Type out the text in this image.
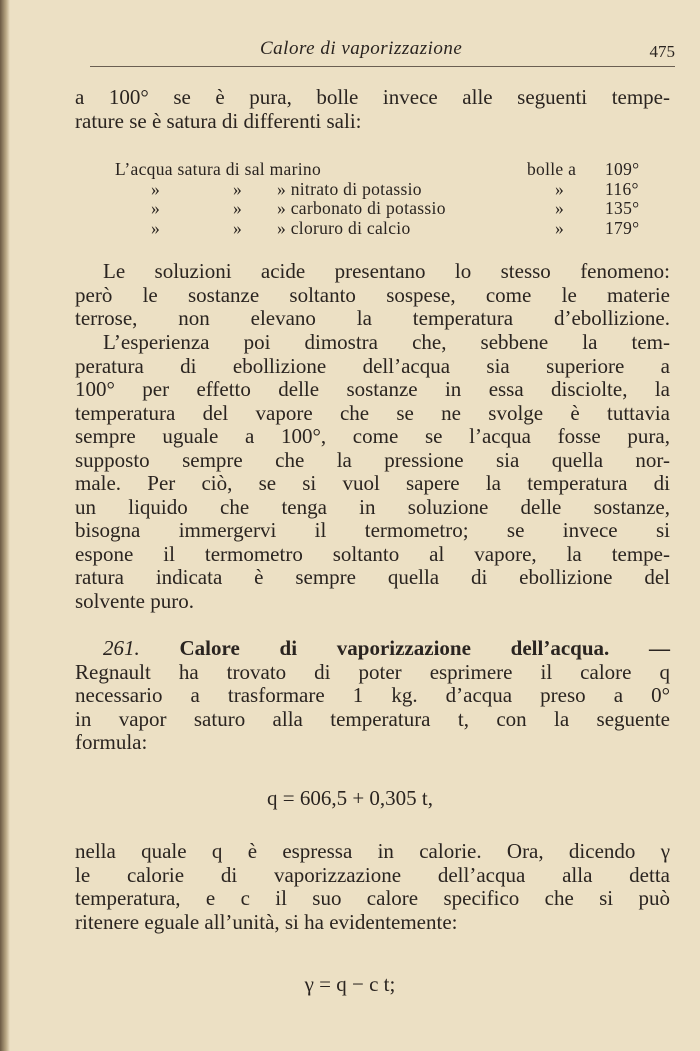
Calore di vaporizzazione	475
a 100° se è pura, bolle invece alle seguenti tempe-
rature se è satura di differenti sali:
L’acqua satura di sal marino	bolle a 109°
»	» » nitrato di potassio	» 116°
»	» » carbonato di potassio	» 135°
»	» » cloruro di calcio	» 179°
Le soluzioni acide presentano lo stesso fenomeno:
però le sostanze soltanto sospese, come le materie
terrose, non elevano la temperatura d’ebollizione.
L’esperienza poi dimostra che, sebbene la tem-
peratura di ebollizione dell’acqua sia superiore a
100° per effetto delle sostanze in essa disciolte, la
temperatura del vapore che se ne svolge è tuttavia
sempre uguale a 100°, come se l’acqua fosse pura,
supposto sempre che la pressione sia quella nor-
male. Per ciò, se si vuol sapere la temperatura di
un liquido che tenga in soluzione delle sostanze,
bisogna immergervi il termometro; se invece si
espone il termometro soltanto al vapore, la tempe-
ratura indicata è sempre quella di ebollizione del
solvente puro.
261. Calore di vaporizzazione dell’acqua. —
Regnault ha trovato di poter esprimere il calore q
necessario a trasformare 1 kg. d’acqua preso a 0°
in vapor saturo alla temperatura t, con la seguente
formula:
q = 606,5 + 0,305 t,
nella quale q è espressa in calorie. Ora, dicendo γ
le calorie di vaporizzazione dell’acqua alla detta
temperatura, e c il suo calore specifico che si può
ritenere eguale all’unità, si ha evidentemente:
γ = q − c t;
